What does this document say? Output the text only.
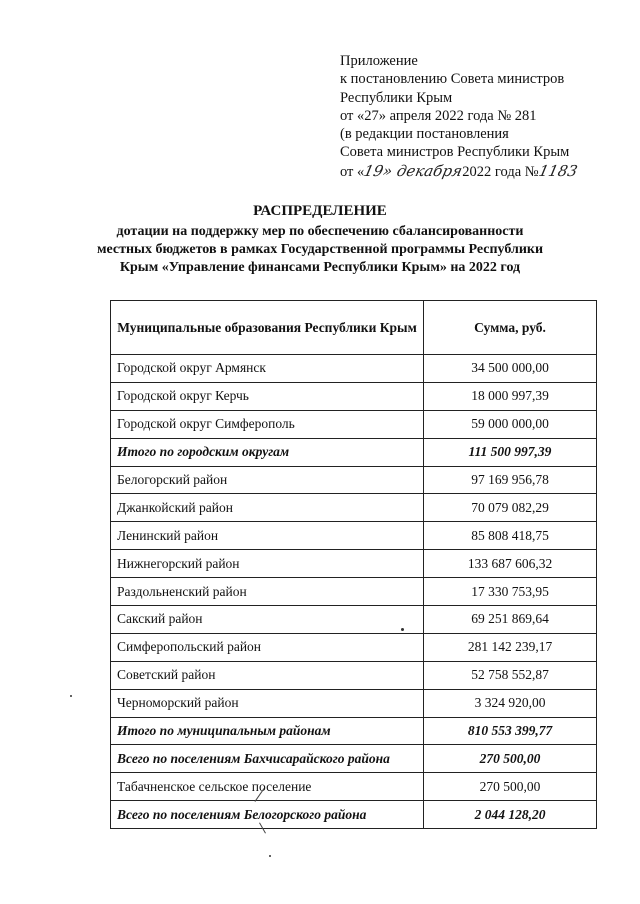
Приложение
к постановлению Совета министров
Республики Крым
от «27» апреля 2022 года № 281
(в редакции постановления
Совета министров Республики Крым
от «19» декабря2022 года №1183
РАСПРЕДЕЛЕНИЕ
дотации на поддержку мер по обеспечению сбалансированности
местных бюджетов в рамках Государственной программы Республики
Крым «Управление финансами Республики Крым» на 2022 год
Муниципальные образования Республики Крым	Сумма, руб.
Городской округ Армянск	34 500 000,00
Городской округ Керчь	18 000 997,39
Городской округ Симферополь	59 000 000,00
Итого по городским округам	111 500 997,39
Белогорский район	97 169 956,78
Джанкойский район	70 079 082,29
Ленинский район	85 808 418,75
Нижнегорский район	133 687 606,32
Раздольненский район	17 330 753,95
Сакский район	69 251 869,64
Симферопольский район	281 142 239,17
Советский район	52 758 552,87
Черноморский район	3 324 920,00
Итого по муниципальным районам	810 553 399,77
Всего по поселениям Бахчисарайского района	270 500,00
Табачненское сельское поселение	270 500,00
Всего по поселениям Белогорского района	2 044 128,20
